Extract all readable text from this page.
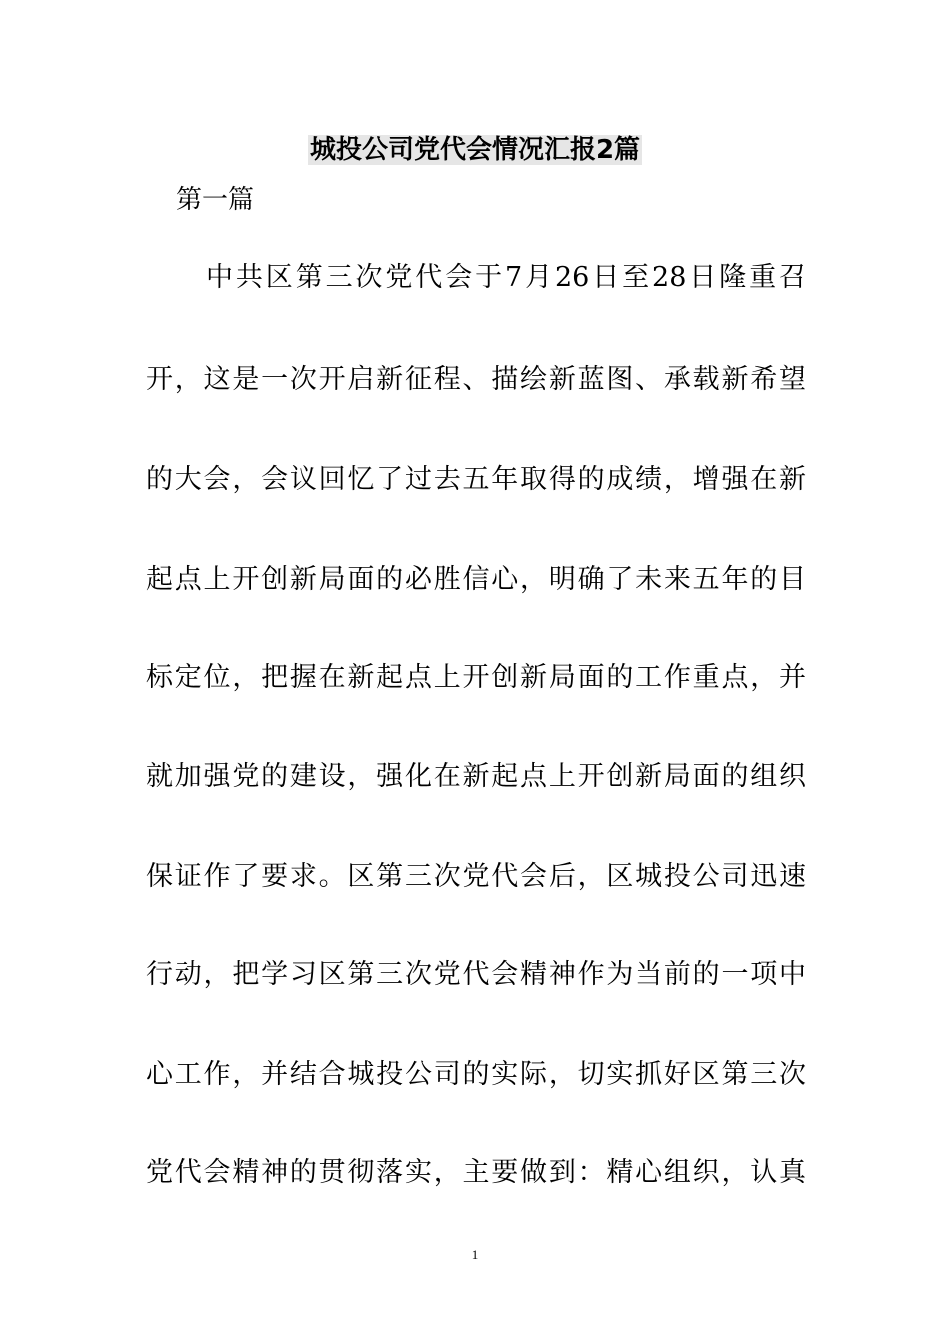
城投公司党代会情况汇报2篇
第一篇
中共区第三次党代会于7月26日至28日隆重召
开，这是一次开启新征程、描绘新蓝图、承载新希望
的大会，会议回忆了过去五年取得的成绩，增强在新
起点上开创新局面的必胜信心，明确了未来五年的目
标定位，把握在新起点上开创新局面的工作重点，并
就加强党的建设，强化在新起点上开创新局面的组织
保证作了要求。区第三次党代会后，区城投公司迅速
行动，把学习区第三次党代会精神作为当前的一项中
心工作，并结合城投公司的实际，切实抓好区第三次
党代会精神的贯彻落实，主要做到：精心组织，认真
1
